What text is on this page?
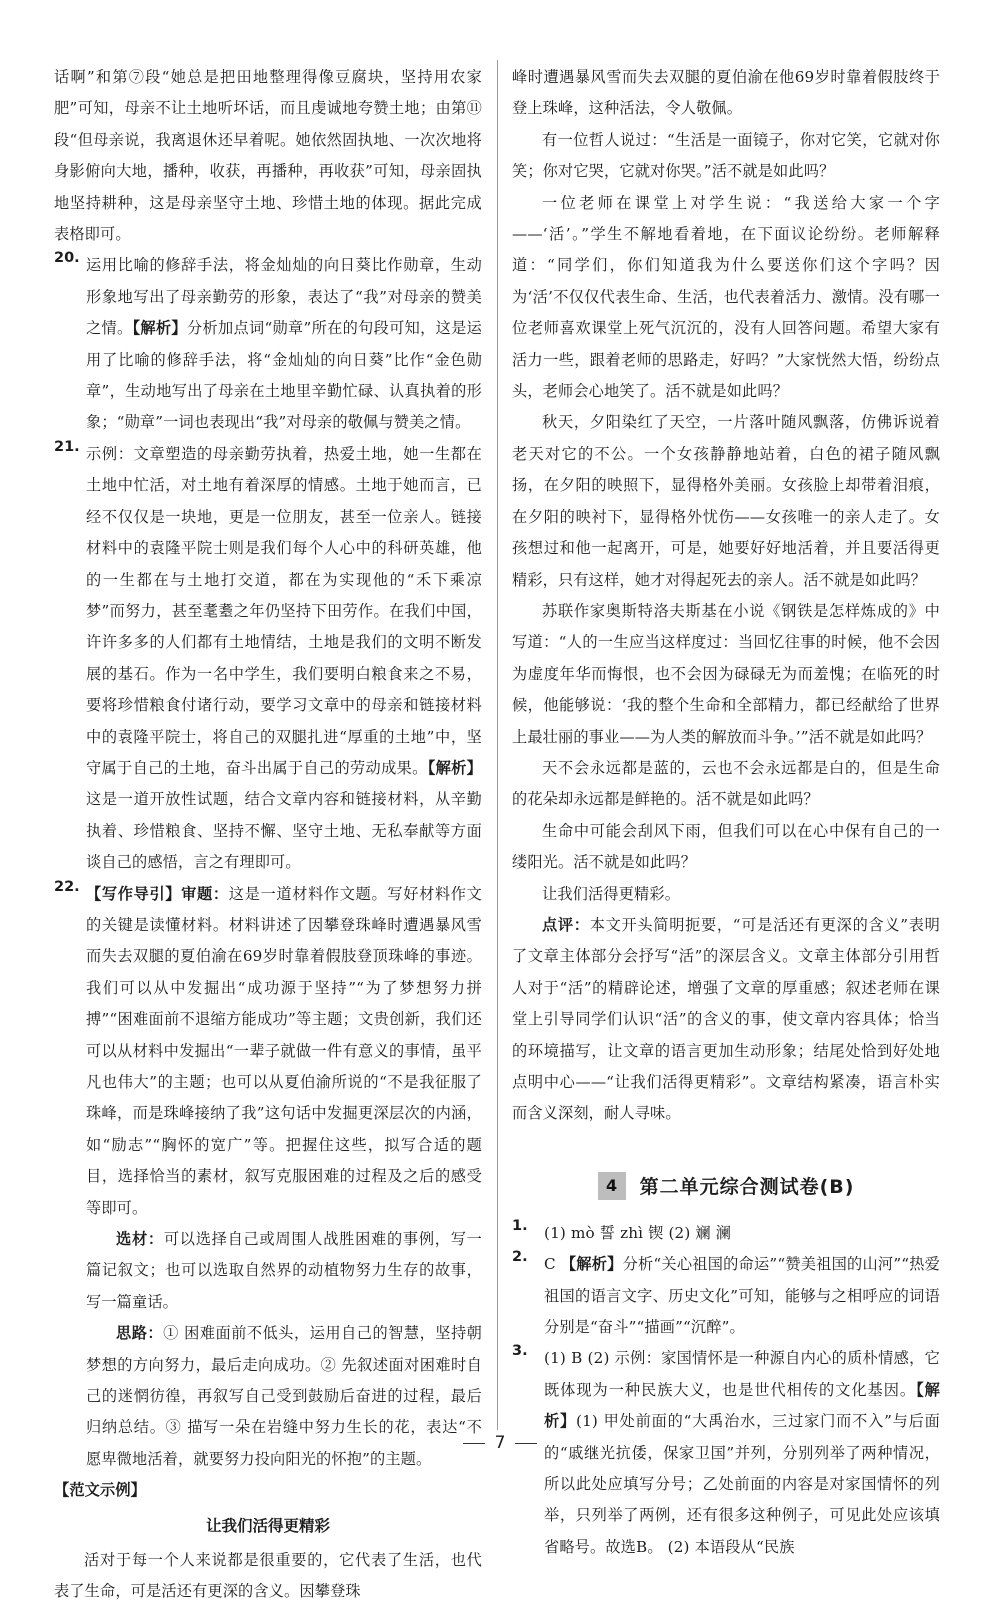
话啊”和第⑦段“她总是把田地整理得像豆腐块，坚持用农家肥”可知，母亲不让土地听坏话，而且虔诚地夸赞土地；由第⑪段“但母亲说，我离退休还早着呢。她依然固执地、一次次地将身影俯向大地，播种，收获，再播种，再收获”可知，母亲固执地坚持耕种，这是母亲坚守土地、珍惜土地的体现。据此完成表格即可。

20. 运用比喻的修辞手法，将金灿灿的向日葵比作勋章，生动形象地写出了母亲勤劳的形象，表达了“我”对母亲的赞美之情。【解析】分析加点词“勋章”所在的句段可知，这是运用了比喻的修辞手法，将“金灿灿的向日葵”比作“金色勋章”，生动地写出了母亲在土地里辛勤忙碌、认真执着的形象；“勋章”一词也表现出“我”对母亲的敬佩与赞美之情。

21. 示例：文章塑造的母亲勤劳执着，热爱土地，她一生都在土地中忙活，对土地有着深厚的情感。土地于她而言，已经不仅仅是一块地，更是一位朋友，甚至一位亲人。链接材料中的袁隆平院士则是我们每个人心中的科研英雄，他的一生都在与土地打交道，都在为实现他的“禾下乘凉梦”而努力，甚至耄耋之年仍坚持下田劳作。在我们中国，许许多多的人们都有土地情结，土地是我们的文明不断发展的基石。作为一名中学生，我们要明白粮食来之不易，要将珍惜粮食付诸行动，要学习文章中的母亲和链接材料中的袁隆平院士，将自己的双腿扎进“厚重的土地”中，坚守属于自己的土地，奋斗出属于自己的劳动成果。【解析】这是一道开放性试题，结合文章内容和链接材料，从辛勤执着、珍惜粮食、坚持不懈、坚守土地、无私奉献等方面谈自己的感悟，言之有理即可。

22. 【写作导引】审题：这是一道材料作文题。写好材料作文的关键是读懂材料。材料讲述了因攀登珠峰时遭遇暴风雪而失去双腿的夏伯渝在69岁时靠着假肢登顶珠峰的事迹。我们可以从中发掘出“成功源于坚持”“为了梦想努力拼搏”“困难面前不退缩方能成功”等主题；文贵创新，我们还可以从材料中发掘出“一辈子就做一件有意义的事情，虽平凡也伟大”的主题；也可以从夏伯渝所说的“不是我征服了珠峰，而是珠峰接纳了我”这句话中发掘更深层次的内涵，如“励志”“胸怀的宽广”等。把握住这些，拟写合适的题目，选择恰当的素材，叙写克服困难的过程及之后的感受等即可。

选材：可以选择自己或周围人战胜困难的事例，写一篇记叙文；也可以选取自然界的动植物努力生存的故事，写一篇童话。

思路：① 困难面前不低头，运用自己的智慧，坚持朝梦想的方向努力，最后走向成功。② 先叙述面对困难时自己的迷惘彷徨，再叙写自己受到鼓励后奋进的过程，最后归纳总结。③ 描写一朵在岩缝中努力生长的花，表达“不愿卑微地活着，就要努力投向阳光的怀抱”的主题。

【范文示例】

让我们活得更精彩

活对于每一个人来说都是很重要的，它代表了生活，也代表了生命，可是活还有更深的含义。因攀登珠

峰时遭遇暴风雪而失去双腿的夏伯渝在他69岁时靠着假肢终于登上珠峰，这种活法，令人敬佩。

有一位哲人说过：“生活是一面镜子，你对它笑，它就对你笑；你对它哭，它就对你哭。”活不就是如此吗？

一位老师在课堂上对学生说：“我送给大家一个字——‘活’。”学生不解地看着地，在下面议论纷纷。老师解释道：“同学们，你们知道我为什么要送你们这个字吗？因为‘活’不仅仅代表生命、生活，也代表着活力、激情。没有哪一位老师喜欢课堂上死气沉沉的，没有人回答问题。希望大家有活力一些，跟着老师的思路走，好吗？”大家恍然大悟，纷纷点头，老师会心地笑了。活不就是如此吗？

秋天，夕阳染红了天空，一片落叶随风飘落，仿佛诉说着老天对它的不公。一个女孩静静地站着，白色的裙子随风飘扬，在夕阳的映照下，显得格外美丽。女孩脸上却带着泪痕，在夕阳的映衬下，显得格外忧伤——女孩唯一的亲人走了。女孩想过和他一起离开，可是，她要好好地活着，并且要活得更精彩，只有这样，她才对得起死去的亲人。活不就是如此吗？

苏联作家奥斯特洛夫斯基在小说《钢铁是怎样炼成的》中写道：“人的一生应当这样度过：当回忆往事的时候，他不会因为虚度年华而悔恨，也不会因为碌碌无为而羞愧；在临死的时候，他能够说：‘我的整个生命和全部精力，都已经献给了世界上最壮丽的事业——为人类的解放而斗争。’”活不就是如此吗？

天不会永远都是蓝的，云也不会永远都是白的，但是生命的花朵却永远都是鲜艳的。活不就是如此吗？

生命中可能会刮风下雨，但我们可以在心中保有自己的一缕阳光。活不就是如此吗？

让我们活得更精彩。

点评：本文开头简明扼要，“可是活还有更深的含义”表明了文章主体部分会抒写“活”的深层含义。文章主体部分引用哲人对于“活”的精辟论述，增强了文章的厚重感；叙述老师在课堂上引导同学们认识“活”的含义的事，使文章内容具体；恰当的环境描写，让文章的语言更加生动形象；结尾处恰到好处地点明中心——“让我们活得更精彩”。文章结构紧凑，语言朴实而含义深刻，耐人寻味。

4	第二单元综合测试卷(B)
1. (1) mò 誓 zhì 锲 (2) 斓 澜

2. C 【解析】分析“关心祖国的命运”“赞美祖国的山河”“热爱祖国的语言文字、历史文化”可知，能够与之相呼应的词语分别是“奋斗”“描画”“沉醉”。

3. (1) B (2) 示例：家国情怀是一种源自内心的质朴情感，它既体现为一种民族大义，也是世代相传的文化基因。【解析】(1) 甲处前面的“大禹治水，三过家门而不入”与后面的“戚继光抗倭，保家卫国”并列，分别列举了两种情况，所以此处应填写分号；乙处前面的内容是对家国情怀的列举，只列举了两例，还有很多这种例子，可见此处应该填省略号。故选B。 (2) 本语段从“民族

7
